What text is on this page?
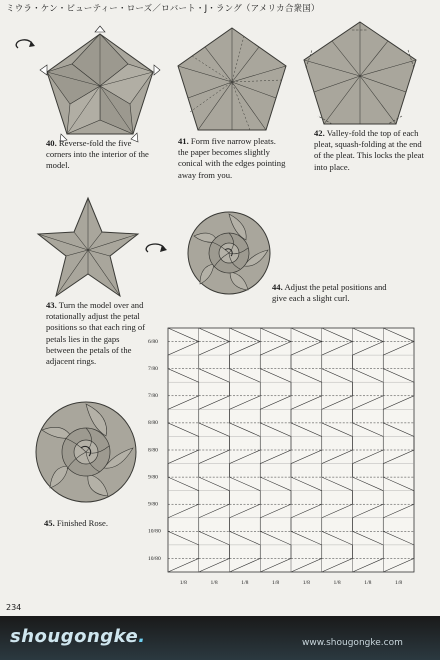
ミウラ・ケン・ビューティー・ローズ／ロバート・J・ラング（アメリカ合衆国）
40. Reverse-fold the five corners into the interior of the model.
41. Form five narrow pleats. the paper becomes slightly conical with the edges pointing away from you.
42. Valley-fold the top of each pleat, squash-folding at the end of the pleat. This locks the pleat into place.
43. Turn the model over and rotationally adjust the petal positions so that each ring of petals lies in the gaps between the petals of the adjacent rings.
44. Adjust the petal positions and give each a slight curl.
45. Finished Rose.
6/80
7/80
7/80
8/80
8/80
9/80
9/80
10/80
10/80
1/8	1/8	1/8	1/8	1/8	1/8	1/8	1/8
234
shougongke.	www.shougongke.com
